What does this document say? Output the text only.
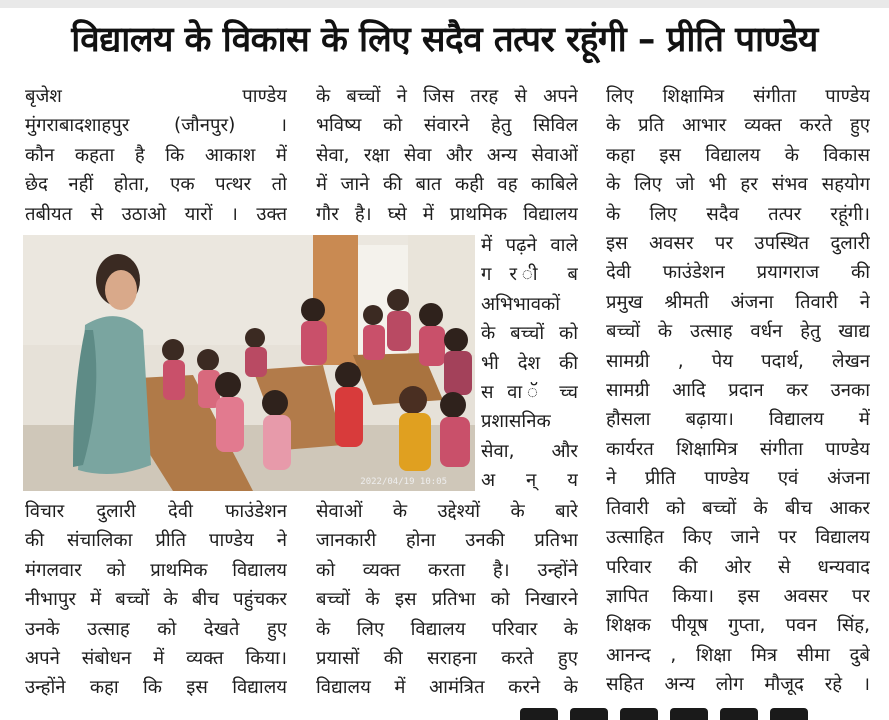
विद्यालय के विकास के लिए सदैव तत्पर रहूंगी – प्रीति पाण्डेय
बृजेश पाण्डेय
मुंगराबादशाहपुर (जौनपुर) ।
कौन कहता है कि आकाश में
छेद नहीं होता, एक पत्थर तो
तबीयत से उठाओ यारों । उक्त
विचार दुलारी देवी फाउंडेशन
की संचालिका प्रीति पाण्डेय ने
मंगलवार को प्राथमिक विद्यालय
नीभापुर में बच्चों के बीच पहुंचकर
उनके उत्साह को देखते हुए
अपने संबोधन में व्यक्त किया।
उन्होंने कहा कि इस विद्यालय
के बच्चों ने जिस तरह से अपने
भविष्य को संवारने हेतु सिविल
सेवा, रक्षा सेवा और अन्य सेवाओं
में जाने की बात कही वह काबिले
गौर है। घ्से में प्राथमिक विद्यालय
में पढ़ने वाले
ग र ी ब
अभिभावकों
के बच्चों को
भी देश की
स वा ॅ च्च
प्रशासनिक
सेवा, और
अ न् य
सेवाओं के उद्देश्यों के बारे
जानकारी होना उनकी प्रतिभा
को व्यक्त करता है। उन्होंने
बच्चों के इस प्रतिभा को निखारने
के लिए विद्यालय परिवार के
प्रयासों की सराहना करते हुए
विद्यालय में आमंत्रित करने के
लिए शिक्षामित्र संगीता पाण्डेय
के प्रति आभार व्यक्त करते हुए
कहा इस विद्यालय के विकास
के लिए जो भी हर संभव सहयोग
के लिए सदैव तत्पर रहूंगी।
इस अवसर पर उपस्थित दुलारी
देवी फाउंडेशन प्रयागराज की
प्रमुख श्रीमती अंजना तिवारी ने
बच्चों के उत्साह वर्धन हेतु खाद्य
सामग्री , पेय पदार्थ, लेखन
सामग्री आदि प्रदान कर उनका
हौसला बढ़ाया। विद्यालय में
कार्यरत शिक्षामित्र संगीता पाण्डेय
ने प्रीति पाण्डेय एवं अंजना
तिवारी को बच्चों के बीच आकर
उत्साहित किए जाने पर विद्यालय
परिवार की ओर से धन्यवाद
ज्ञापित किया। इस अवसर पर
शिक्षक पीयूष गुप्ता, पवन सिंह,
आनन्द , शिक्षा मित्र सीमा दुबे
सहित अन्य लोग मौजूद रहे ।
2022/04/19 10:05
